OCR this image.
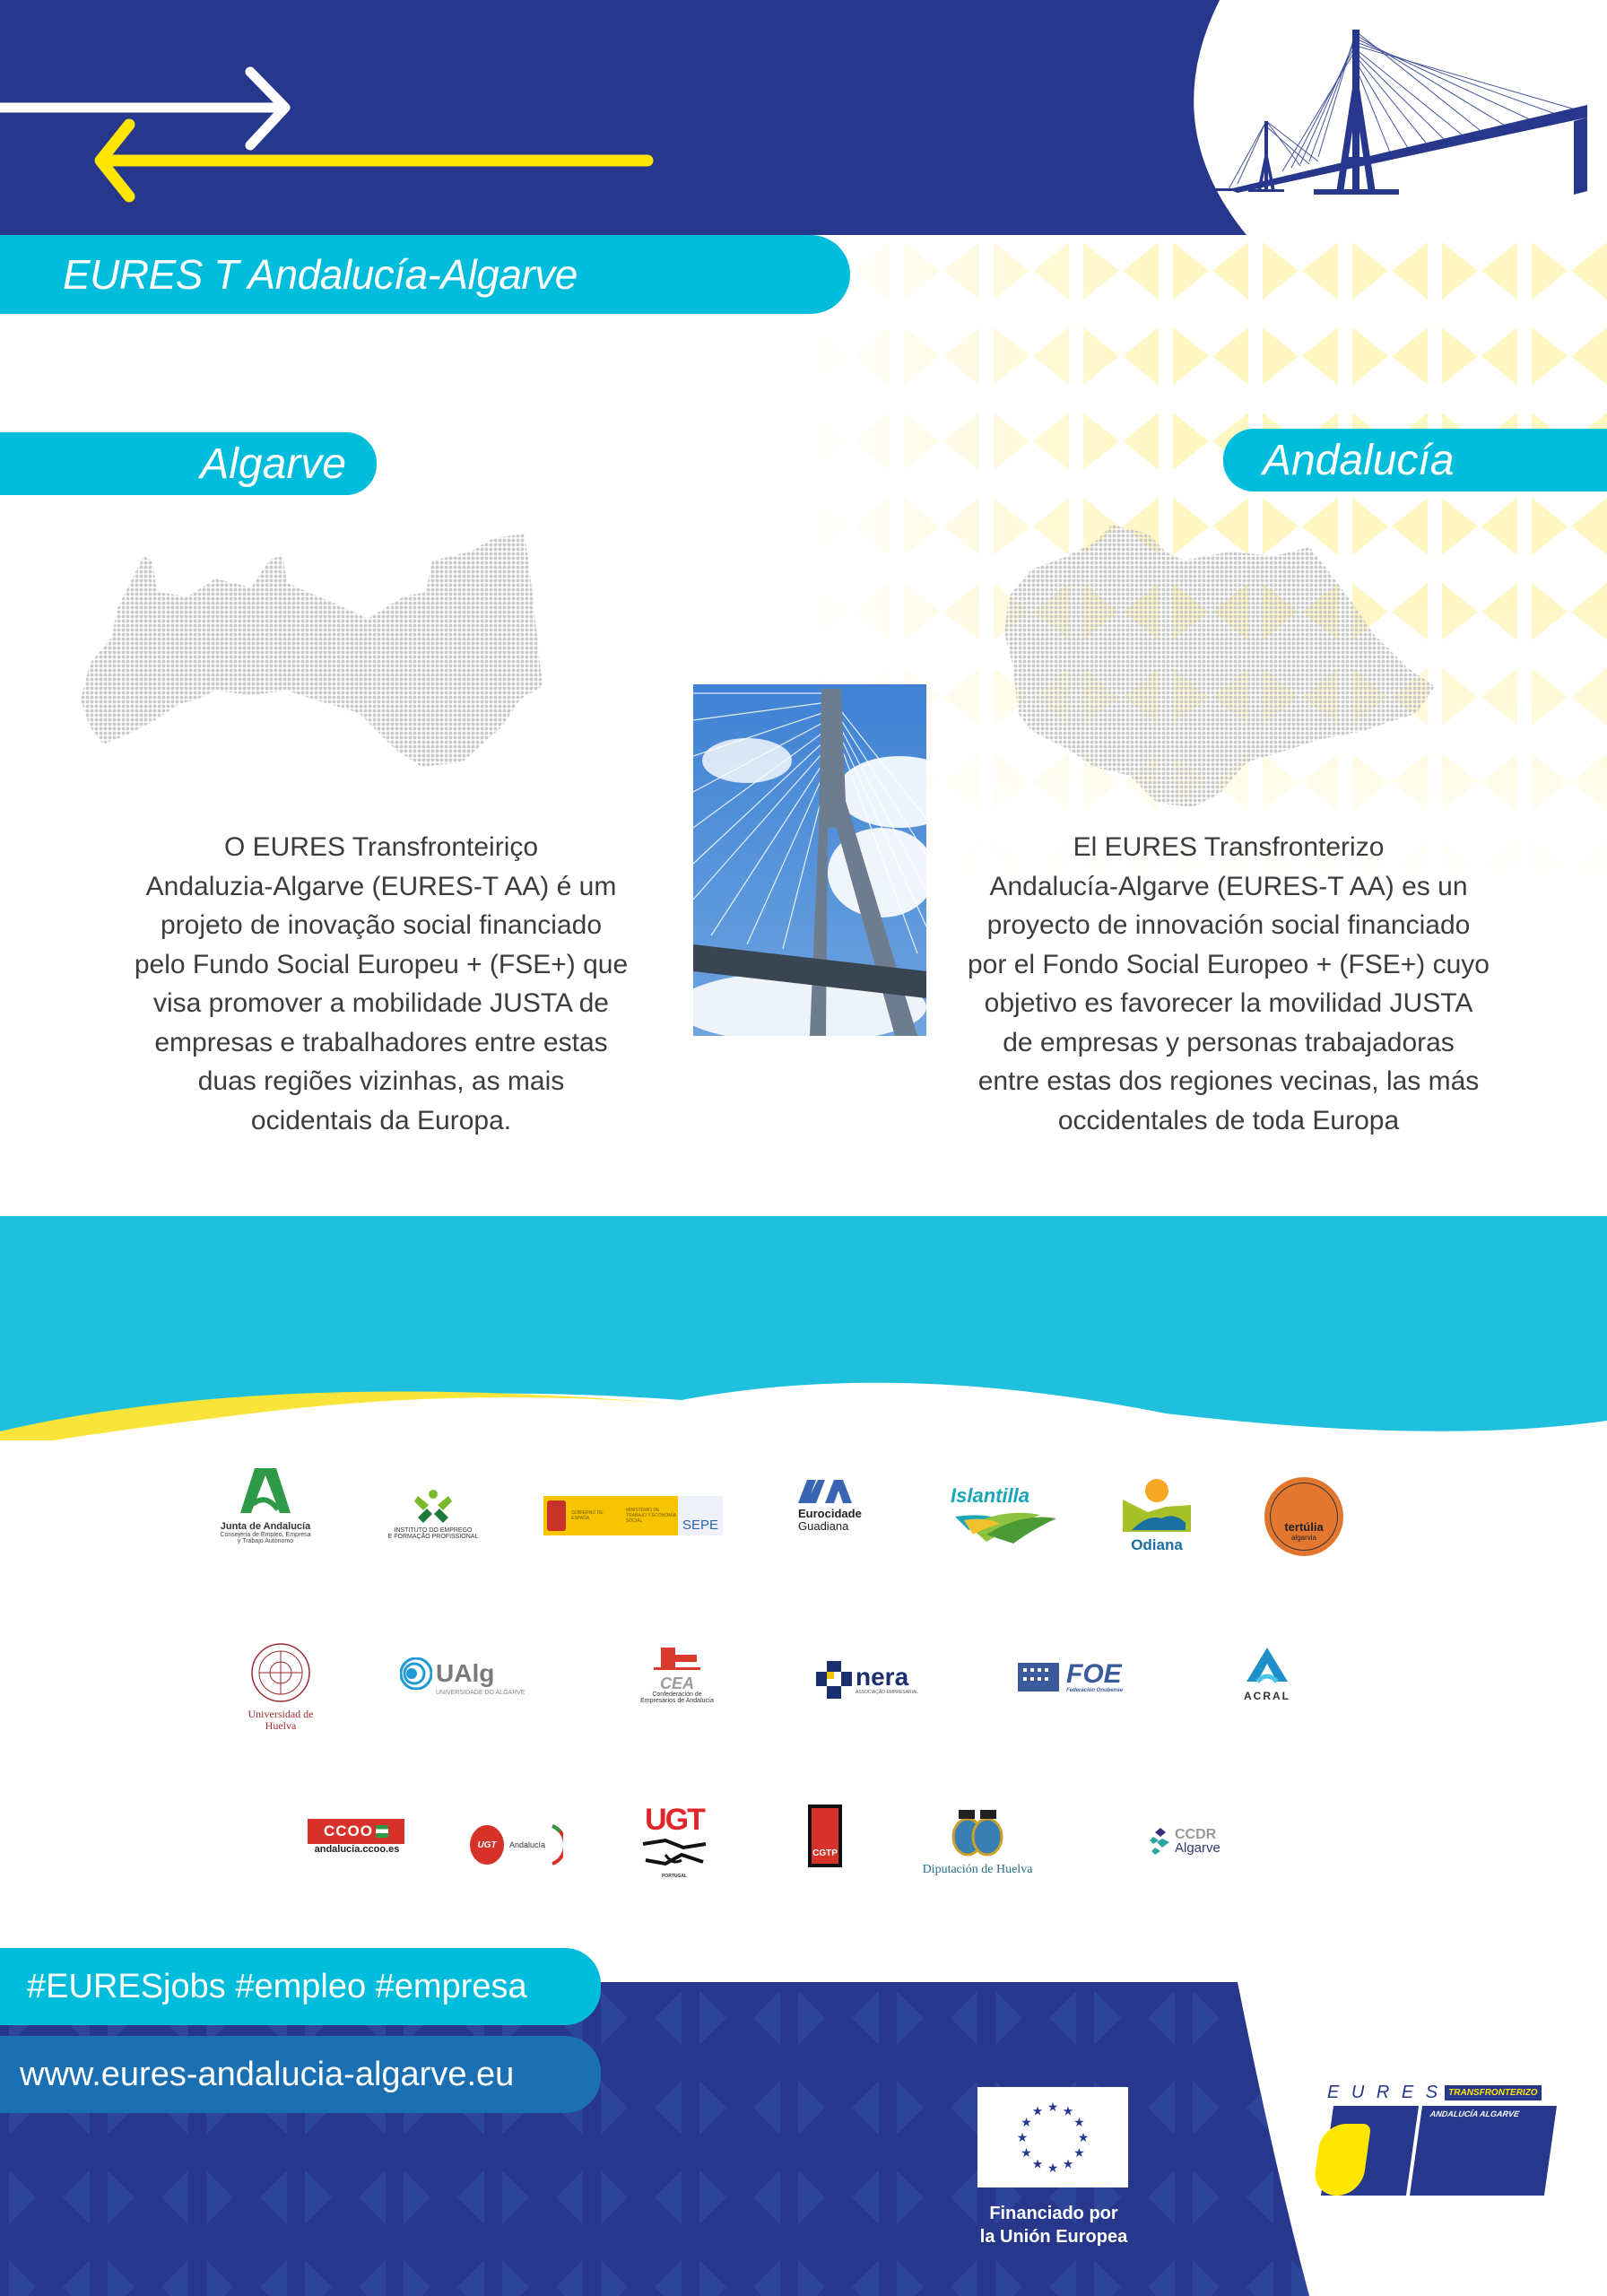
EURES T Andalucía-Algarve
Algarve	Andalucía
O EURES Transfronteiriço
Andaluzia-Algarve (EURES-T AA) é um
projeto de inovação social financiado
pelo Fundo Social Europeu + (FSE+) que
visa promover a mobilidade JUSTA de
empresas e trabalhadores entre estas
duas regiões vizinhas, as mais
ocidentais da Europa.
El EURES Transfronterizo
Andalucía-Algarve (EURES-T AA) es un
proyecto de innovación social financiado
por el Fondo Social Europeo + (FSE+) cuyo
objetivo es favorecer la movilidad JUSTA
de empresas y personas trabajadoras
entre estas dos regiones vecinas, las más
occidentales de toda Europa
Junta de Andalucía
Consejería de Empleo, Empresa
y Trabajo Autónomo
INSTITUTO DO EMPREGO
E FORMAÇÃO PROFISSIONAL
GOBIERNO DE ESPAÑA
MINISTERIO DE TRABAJO Y ECONOMÍA SOCIAL	SEPE
Eurocidade
Guadiana
Islantilla
Odiana
tertúlia
algarvia
Universidad de Huelva
UAlg
UNIVERSIDADE DO ALGARVE
CEA
Confederación de
Empresarios de Andalucía
nera
ASSOCIAÇÃO EMPRESARIAL
FOE
Federación Onubense	ACRAL
CCOO
andalucia.ccoo.es	UGT Andalucía
UGT
PORTUGAL
CGTP
Diputación de Huelva
CCDR
Algarve
#EURESjobs #empleo #empresa
www.eures-andalucia-algarve.eu
★ ★
★
★
★
★
★
★
★
★
★
★
Financiado por
la Unión Europea
E U R E S TRANSFRONTERIZO
ANDALUCÍA ALGARVE
